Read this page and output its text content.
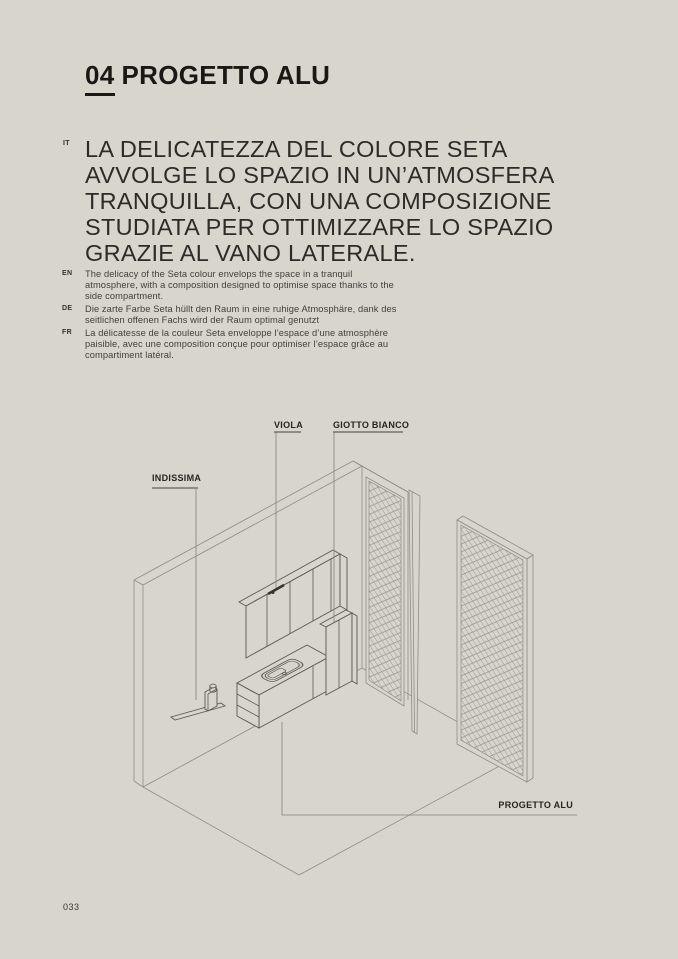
04 PROGETTO ALU
IT LA DELICATEZZA DEL COLORE SETA
AVVOLGE LO SPAZIO IN UN’ATMOSFERA
TRANQUILLA, CON UNA COMPOSIZIONE
STUDIATA PER OTTIMIZZARE LO SPAZIO
GRAZIE AL VANO LATERALE.
EN	The delicacy of the Seta colour envelops the space in a tranquil
atmosphere, with a composition designed to optimise space thanks to the
side compartment.
DE	Die zarte Farbe Seta hüllt den Raum in eine ruhige Atmosphäre, dank des
seitlichen offenen Fachs wird der Raum optimal genutzt
FR	La délicatesse de la couleur Seta enveloppe l’espace d’une atmosphère
paisible, avec une composition conçue pour optimiser l’espace grâce au
compartiment latéral.
VIOLA	GIOTTO BIANCO
INDISSIMA
PROGETTO ALU
033
